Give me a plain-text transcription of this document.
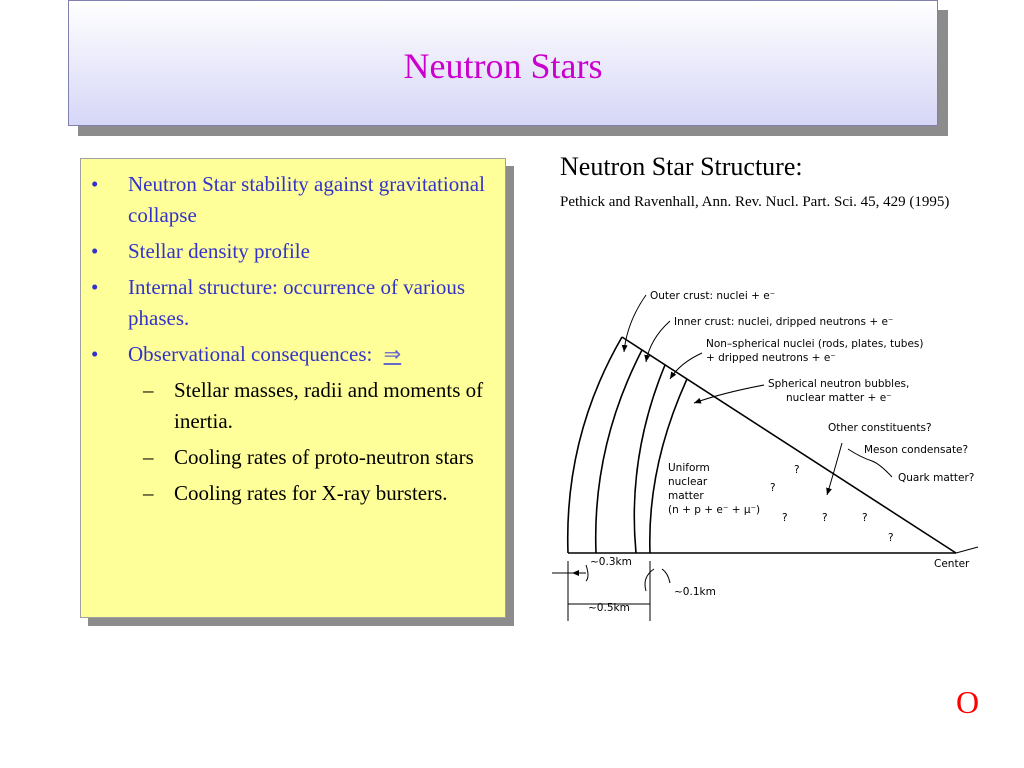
Neutron Stars
• Neutron Star stability against gravitational collapse
• Stellar density profile
• Internal structure: occurrence of various phases.
• Observational consequences: ⇒
– Stellar masses, radii and moments of inertia.
– Cooling rates of proto-neutron stars
– Cooling rates for X-ray bursters.
Neutron Star Structure:
Pethick and Ravenhall, Ann. Rev. Nucl. Part. Sci. 45, 429 (1995)
Outer crust: nuclei + e⁻
Inner crust: nuclei, dripped neutrons + e⁻
Non–spherical nuclei (rods, plates, tubes)
+ dripped neutrons + e⁻
Spherical neutron bubbles,
nuclear matter + e⁻
Other constituents?
Meson condensate?
Quark matter?
Uniform
nuclear
matter
(n + p + e⁻ + μ⁻)
?
?
?	?	?
?
Center
~0.3km
~0.1km
~0.5km
O
